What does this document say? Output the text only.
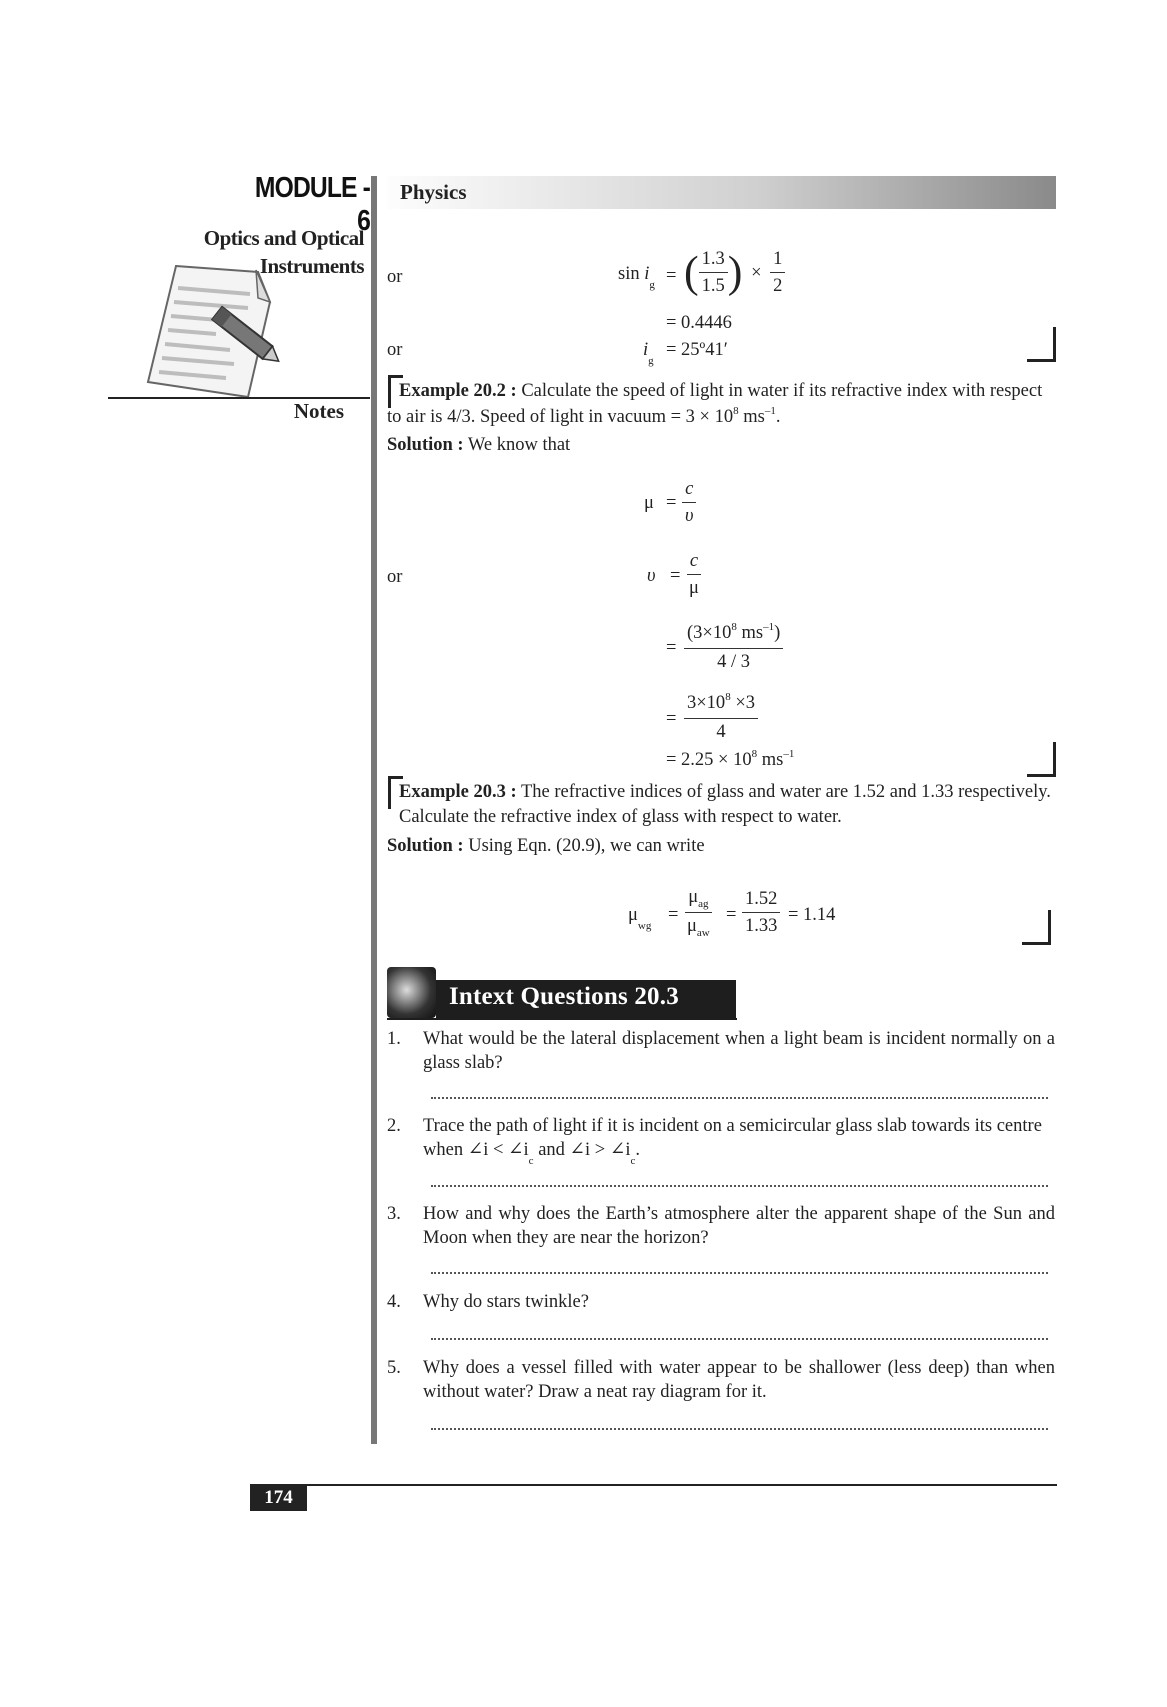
MODULE - 6
Optics and Optical
Instruments
Notes
Physics
or	$\sin i_g$ = ( $\frac{1.3}{1.5}$ ) × $\frac{1}{2}$
= 0.4446
or	$i_g$
= 25º41′
Example 20.2 : Calculate the speed of light in water if its refractive index with respect
to air is 4/3. Speed of light in vacuum = $3 \times 10^8$ $ms^{-1}$.
Solution : We know that
$\mu = \frac{c}{\upsilon}$
or	$\upsilon = \frac{c}{\mu}$
= $\frac{(3\times 10^8 ms^{-1})}{4 / 3}$
= $\frac{3\times 10^8 \times 3}{4}$
= $2.25 \times 10^8$ $ms^{-1}$
Example 20.3 : The refractive indices of glass and water are 1.52 and 1.33 respectively.
Calculate the refractive index of glass with respect to water.
Solution : Using Eqn. (20.9), we can write
$\mu_{wg}$
= $\frac{\mu_{ag}}{\mu_{aw}} = \frac{1.52}{1.33} = 1.14$
Intext Questions 20.3
1. What would be the lateral displacement when a light beam is incident normally on a glass slab?
2. Trace the path of light if it is incident on a semicircular glass slab towards its centre
when ∠i < $\angle i_c$ and ∠i > $\angle i_c$.
3. How and why does the Earth’s atmosphere alter the apparent shape of the Sun and Moon when they are near the horizon?
4. Why do stars twinkle?
5. Why does a vessel filled with water appear to be shallower (less deep) than when without water? Draw a neat ray diagram for it.
174
